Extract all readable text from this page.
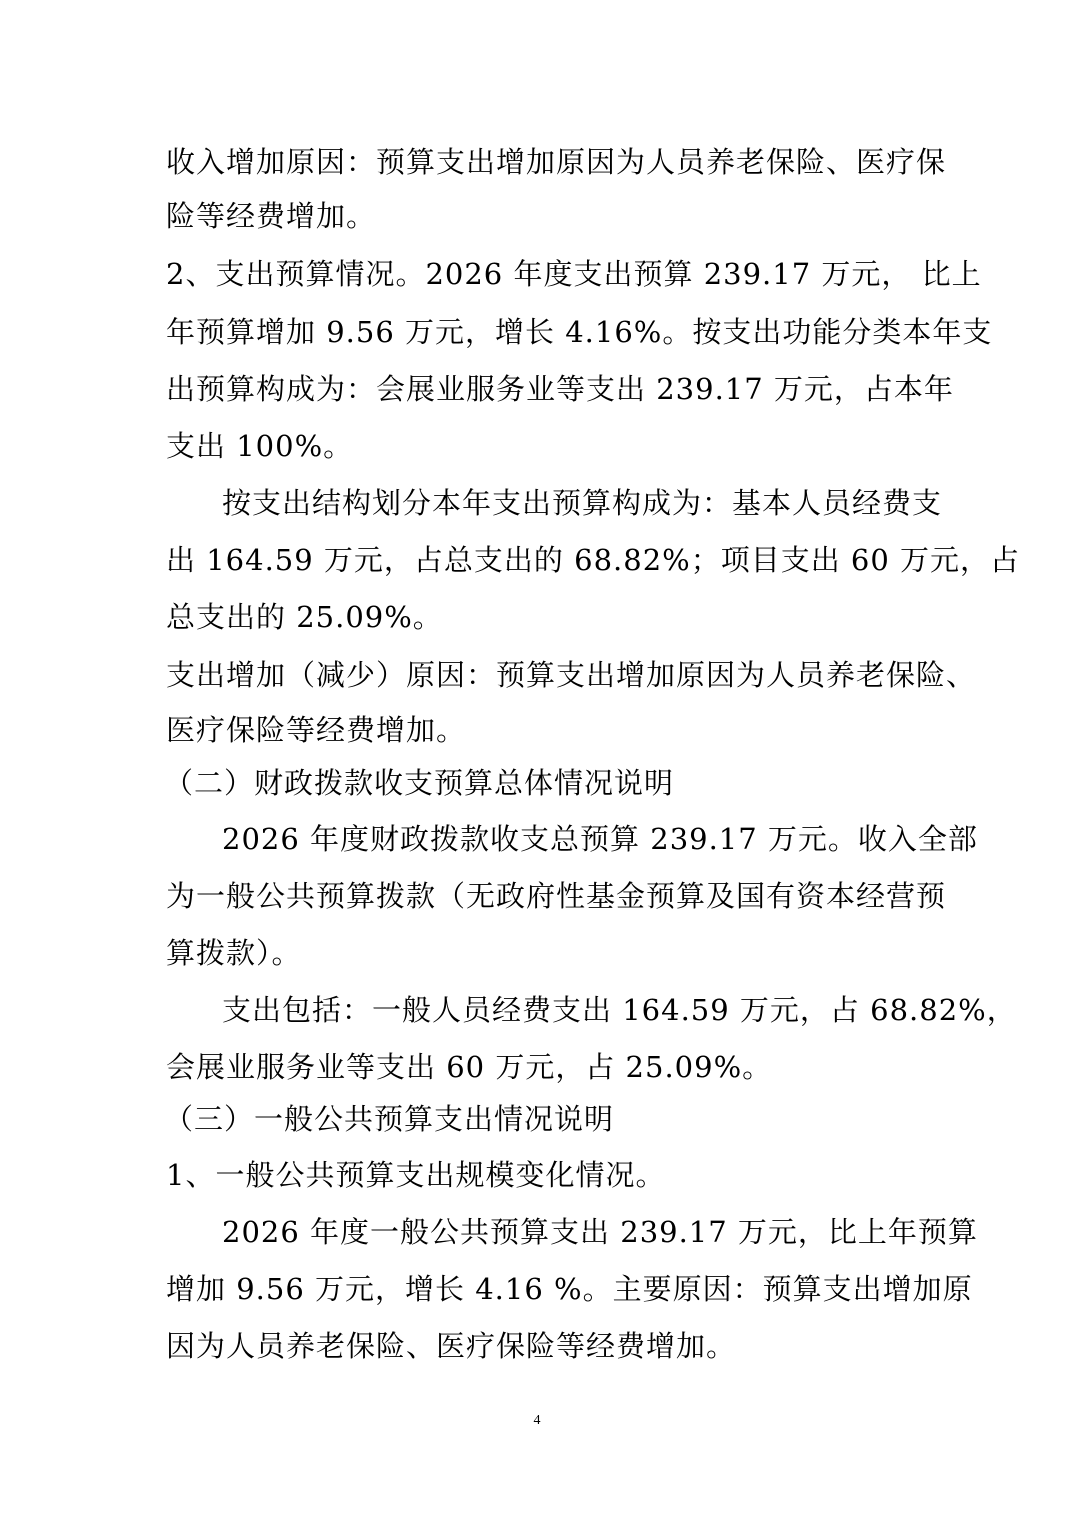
收入增加原因：预算支出增加原因为人员养老保险、医疗保
险等经费增加。
2、支出预算情况。2026 年度支出预算 239.17 万元， 比上
年预算增加 9.56 万元，增长 4.16%。按支出功能分类本年支
出预算构成为：会展业服务业等支出 239.17 万元，占本年
支出 100%。
按支出结构划分本年支出预算构成为：基本人员经费支
出 164.59 万元，占总支出的 68.82%；项目支出 60 万元，占
总支出的 25.09%。
支出增加（减少）原因：预算支出增加原因为人员养老保险、
医疗保险等经费增加。
（二）财政拨款收支预算总体情况说明
2026 年度财政拨款收支总预算 239.17 万元。收入全部
为一般公共预算拨款（无政府性基金预算及国有资本经营预
算拨款）。
支出包括：一般人员经费支出 164.59 万元，占 68.82%，
会展业服务业等支出 60 万元，占 25.09%。
（三）一般公共预算支出情况说明
1、一般公共预算支出规模变化情况。
2026 年度一般公共预算支出 239.17 万元，比上年预算
增加 9.56 万元，增长 4.16 %。主要原因：预算支出增加原
因为人员养老保险、医疗保险等经费增加。
4
